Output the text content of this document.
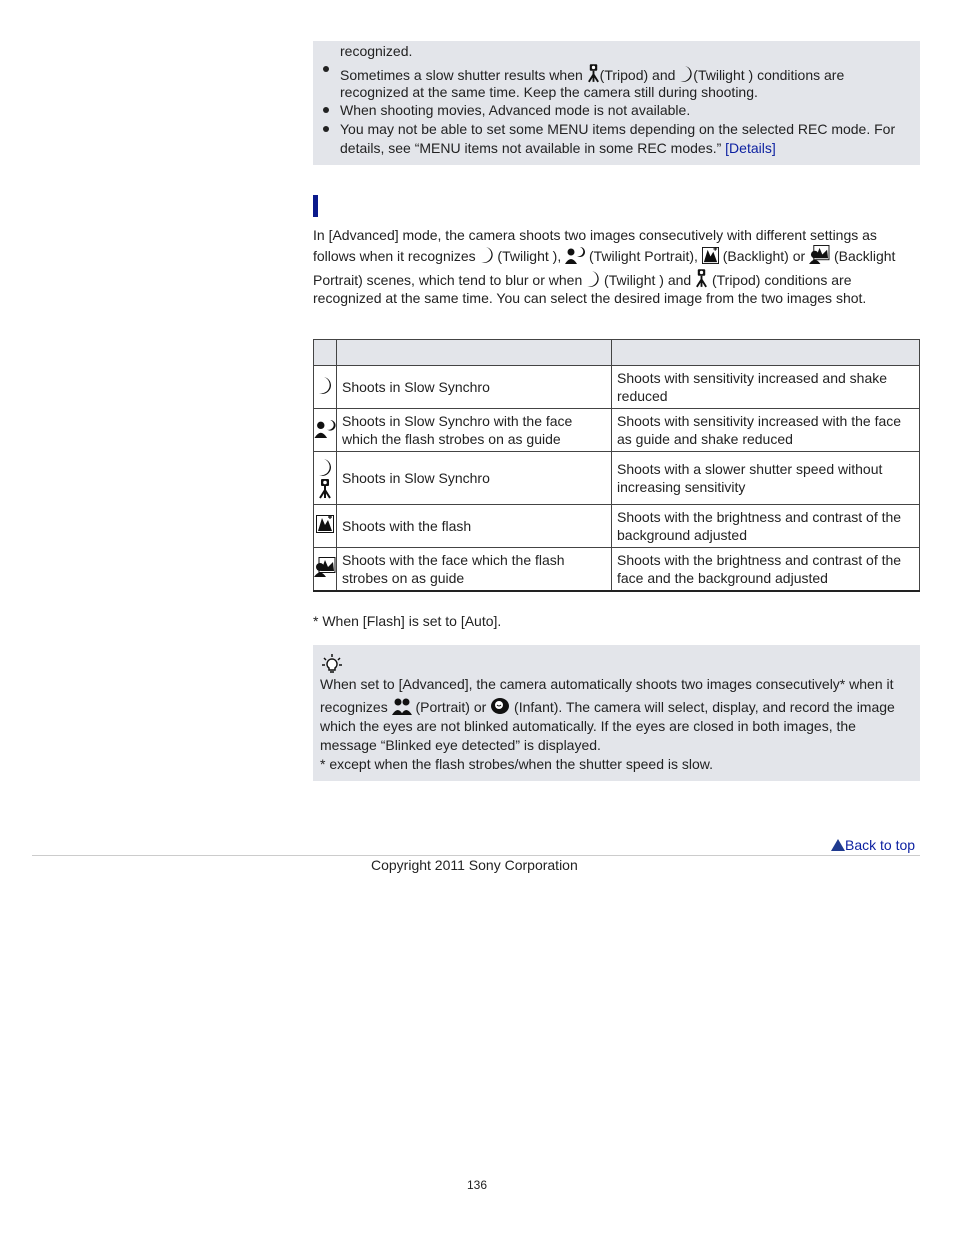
recognized.
Sometimes a slow shutter results when (Tripod) and (Twilight ) conditions are
recognized at the same time. Keep the camera still during shooting.
When shooting movies, Advanced mode is not available.
You may not be able to set some MENU items depending on the selected REC mode. For
details, see “MENU items not available in some REC modes.” [Details]
In [Advanced] mode, the camera shoots two images consecutively with different settings as
follows when it recognizes  (Twilight ),  (Twilight Portrait),  (Backlight) or  (Backlight
Portrait) scenes, which tend to blur or when  (Twilight ) and  (Tripod) conditions are
recognized at the same time. You can select the desired image from the two images shot.

	Shoots in Slow Synchro	Shoots with sensitivity increased and shake reduced
	Shoots in Slow Synchro with the face which the flash strobes on as guide	Shoots with sensitivity increased with the face as guide and shake reduced

	Shoots in Slow Synchro	Shoots with a slower shutter speed without increasing sensitivity
	Shoots with the flash	Shoots with the brightness and contrast of the background adjusted
	Shoots with the face which the flash strobes on as guide	Shoots with the brightness and contrast of the face and the background adjusted
* When [Flash] is set to [Auto].
When set to [Advanced], the camera automatically shoots two images consecutively* when it
recognizes  (Portrait) or  (Infant). The camera will select, display, and record the image
which the eyes are not blinked automatically. If the eyes are closed in both images, the
message “Blinked eye detected” is displayed.
* except when the flash strobes/when the shutter speed is slow.
Back to top
Copyright 2011 Sony Corporation
136
